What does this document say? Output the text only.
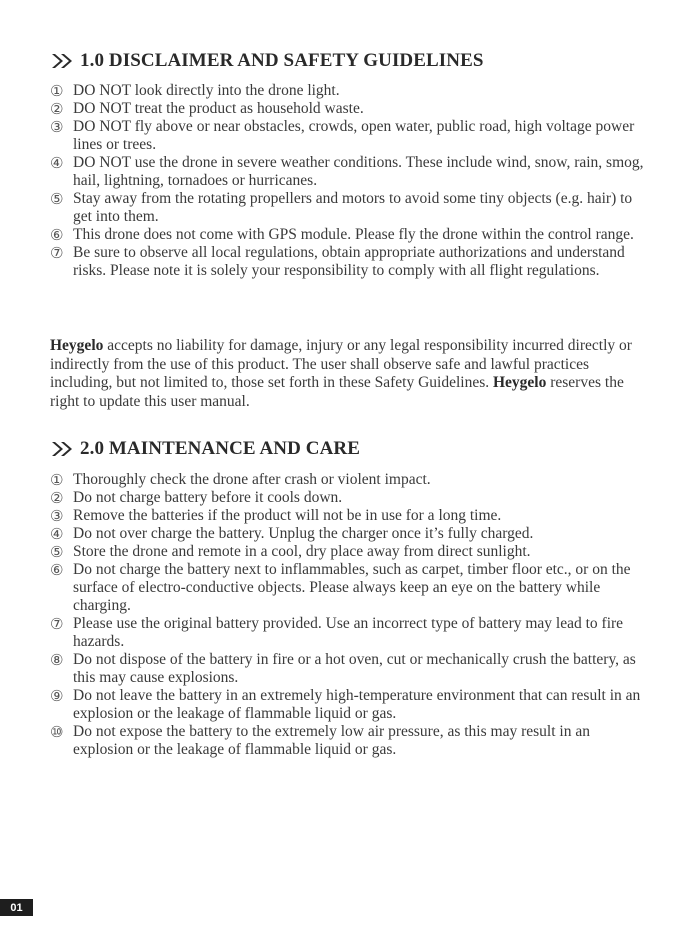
1.0 DISCLAIMER AND SAFETY GUIDELINES
① DO NOT look directly into the drone light.
② DO NOT treat the product as household waste.
③ DO NOT fly above or near obstacles, crowds, open water, public road, high voltage power lines or trees.
④ DO NOT use the drone in severe weather conditions. These include wind, snow, rain, smog, hail, lightning, tornadoes or hurricanes.
⑤ Stay away from the rotating propellers and motors to avoid some tiny objects (e.g. hair) to get into them.
⑥ This drone does not come with GPS module. Please fly the drone within the control range.
⑦ Be sure to observe all local regulations, obtain appropriate authorizations and understand risks. Please note it is solely your responsibility to comply with all flight regulations.

Heygelo accepts no liability for damage, injury or any legal responsibility incurred directly or indirectly from the use of this product. The user shall observe safe and lawful practices including, but not limited to, those set forth in these Safety Guidelines. Heygelo reserves the right to update this user manual.

2.0 MAINTENANCE AND CARE
① Thoroughly check the drone after crash or violent impact.
② Do not charge battery before it cools down.
③ Remove the batteries if the product will not be in use for a long time.
④ Do not over charge the battery. Unplug the charger once it’s fully charged.
⑤ Store the drone and remote in a cool, dry place away from direct sunlight.
⑥ Do not charge the battery next to inflammables, such as carpet, timber floor etc., or on the surface of electro-conductive objects. Please always keep an eye on the battery while charging.
⑦ Please use the original battery provided. Use an incorrect type of battery may lead to fire hazards.
⑧ Do not dispose of the battery in fire or a hot oven, cut or mechanically crush the battery, as this may cause explosions.
⑨ Do not leave the battery in an extremely high-temperature environment that can result in an explosion or the leakage of flammable liquid or gas.
⑩ Do not expose the battery to the extremely low air pressure, as this may result in an explosion or the leakage of flammable liquid or gas.
01
